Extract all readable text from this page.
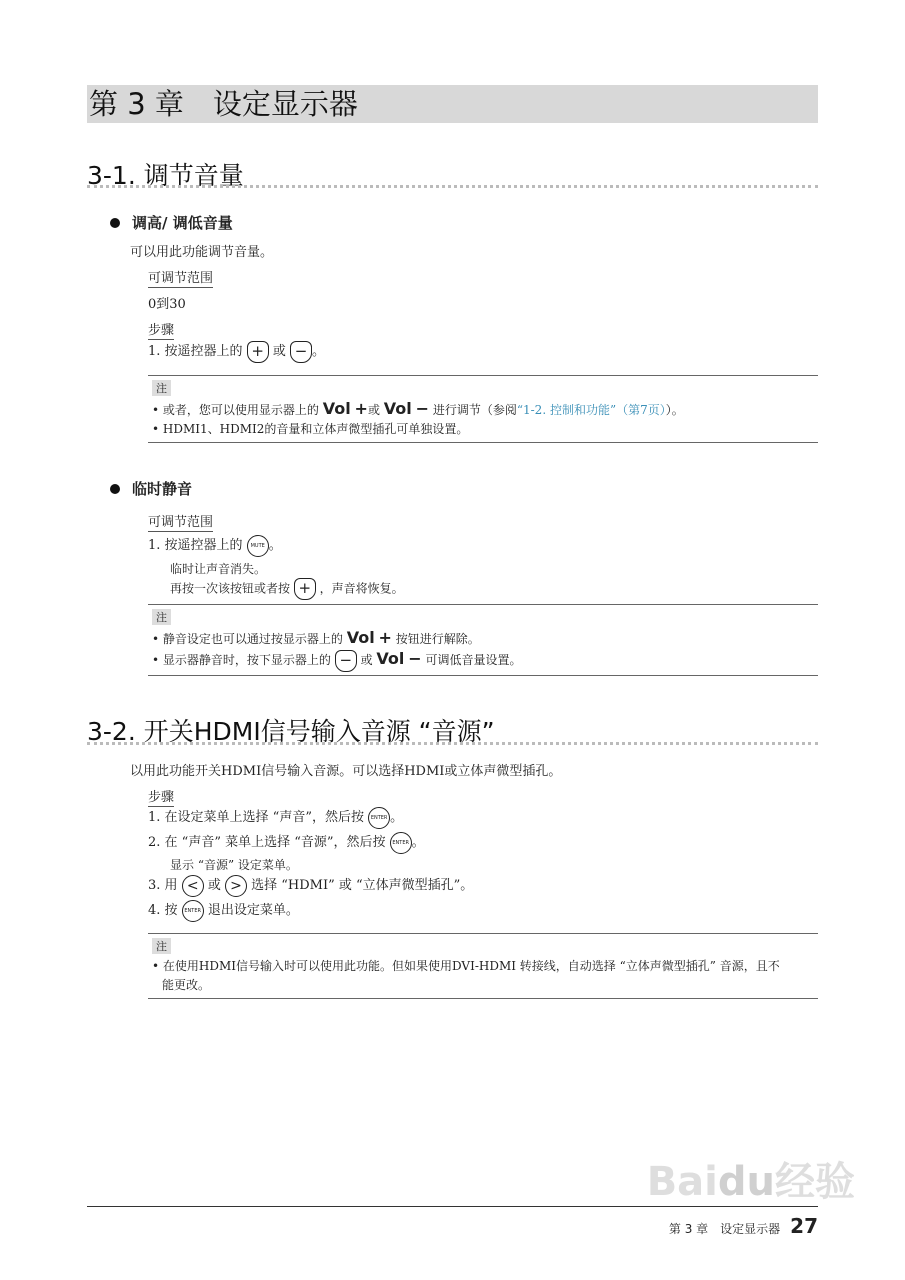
第 3 章　设定显示器
3-1. 调节音量
调高/ 调低音量
可以用此功能调节音量。
可调节范围
0到30
步骤
1. 按遥控器上的 + 或 − 。
注
• 或者，您可以使用显示器上的 Vol +或 Vol − 进行调节（参阅“1-2. 控制和功能”（第7页））。
• HDMI1、HDMI2的音量和立体声微型插孔可单独设置。
临时静音
可调节范围
1. 按遥控器上的 MUTE 。
临时让声音消失。
再按一次该按钮或者按 + ，声音将恢复。
注
• 静音设定也可以通过按显示器上的 Vol + 按钮进行解除。
• 显示器静音时，按下显示器上的 − 或 Vol − 可调低音量设置。
3-2. 开关HDMI信号输入音源 “音源”
以用此功能开关HDMI信号输入音源。可以选择HDMI或立体声微型插孔。
步骤
1. 在设定菜单上选择 “声音”，然后按 ENTER 。
2. 在 “声音” 菜单上选择 “音源”，然后按 ENTER 。
显示 “音源” 设定菜单。
3. 用 < 或 > 选择 “HDMI” 或 “立体声微型插孔”。
4. 按 ENTER 退出设定菜单。
注
• 在使用HDMI信号输入时可以使用此功能。但如果使用DVI-HDMI 转接线，自动选择 “立体声微型插孔” 音源，且不
能更改。
Baidu经验
第 3 章　设定显示器 27
